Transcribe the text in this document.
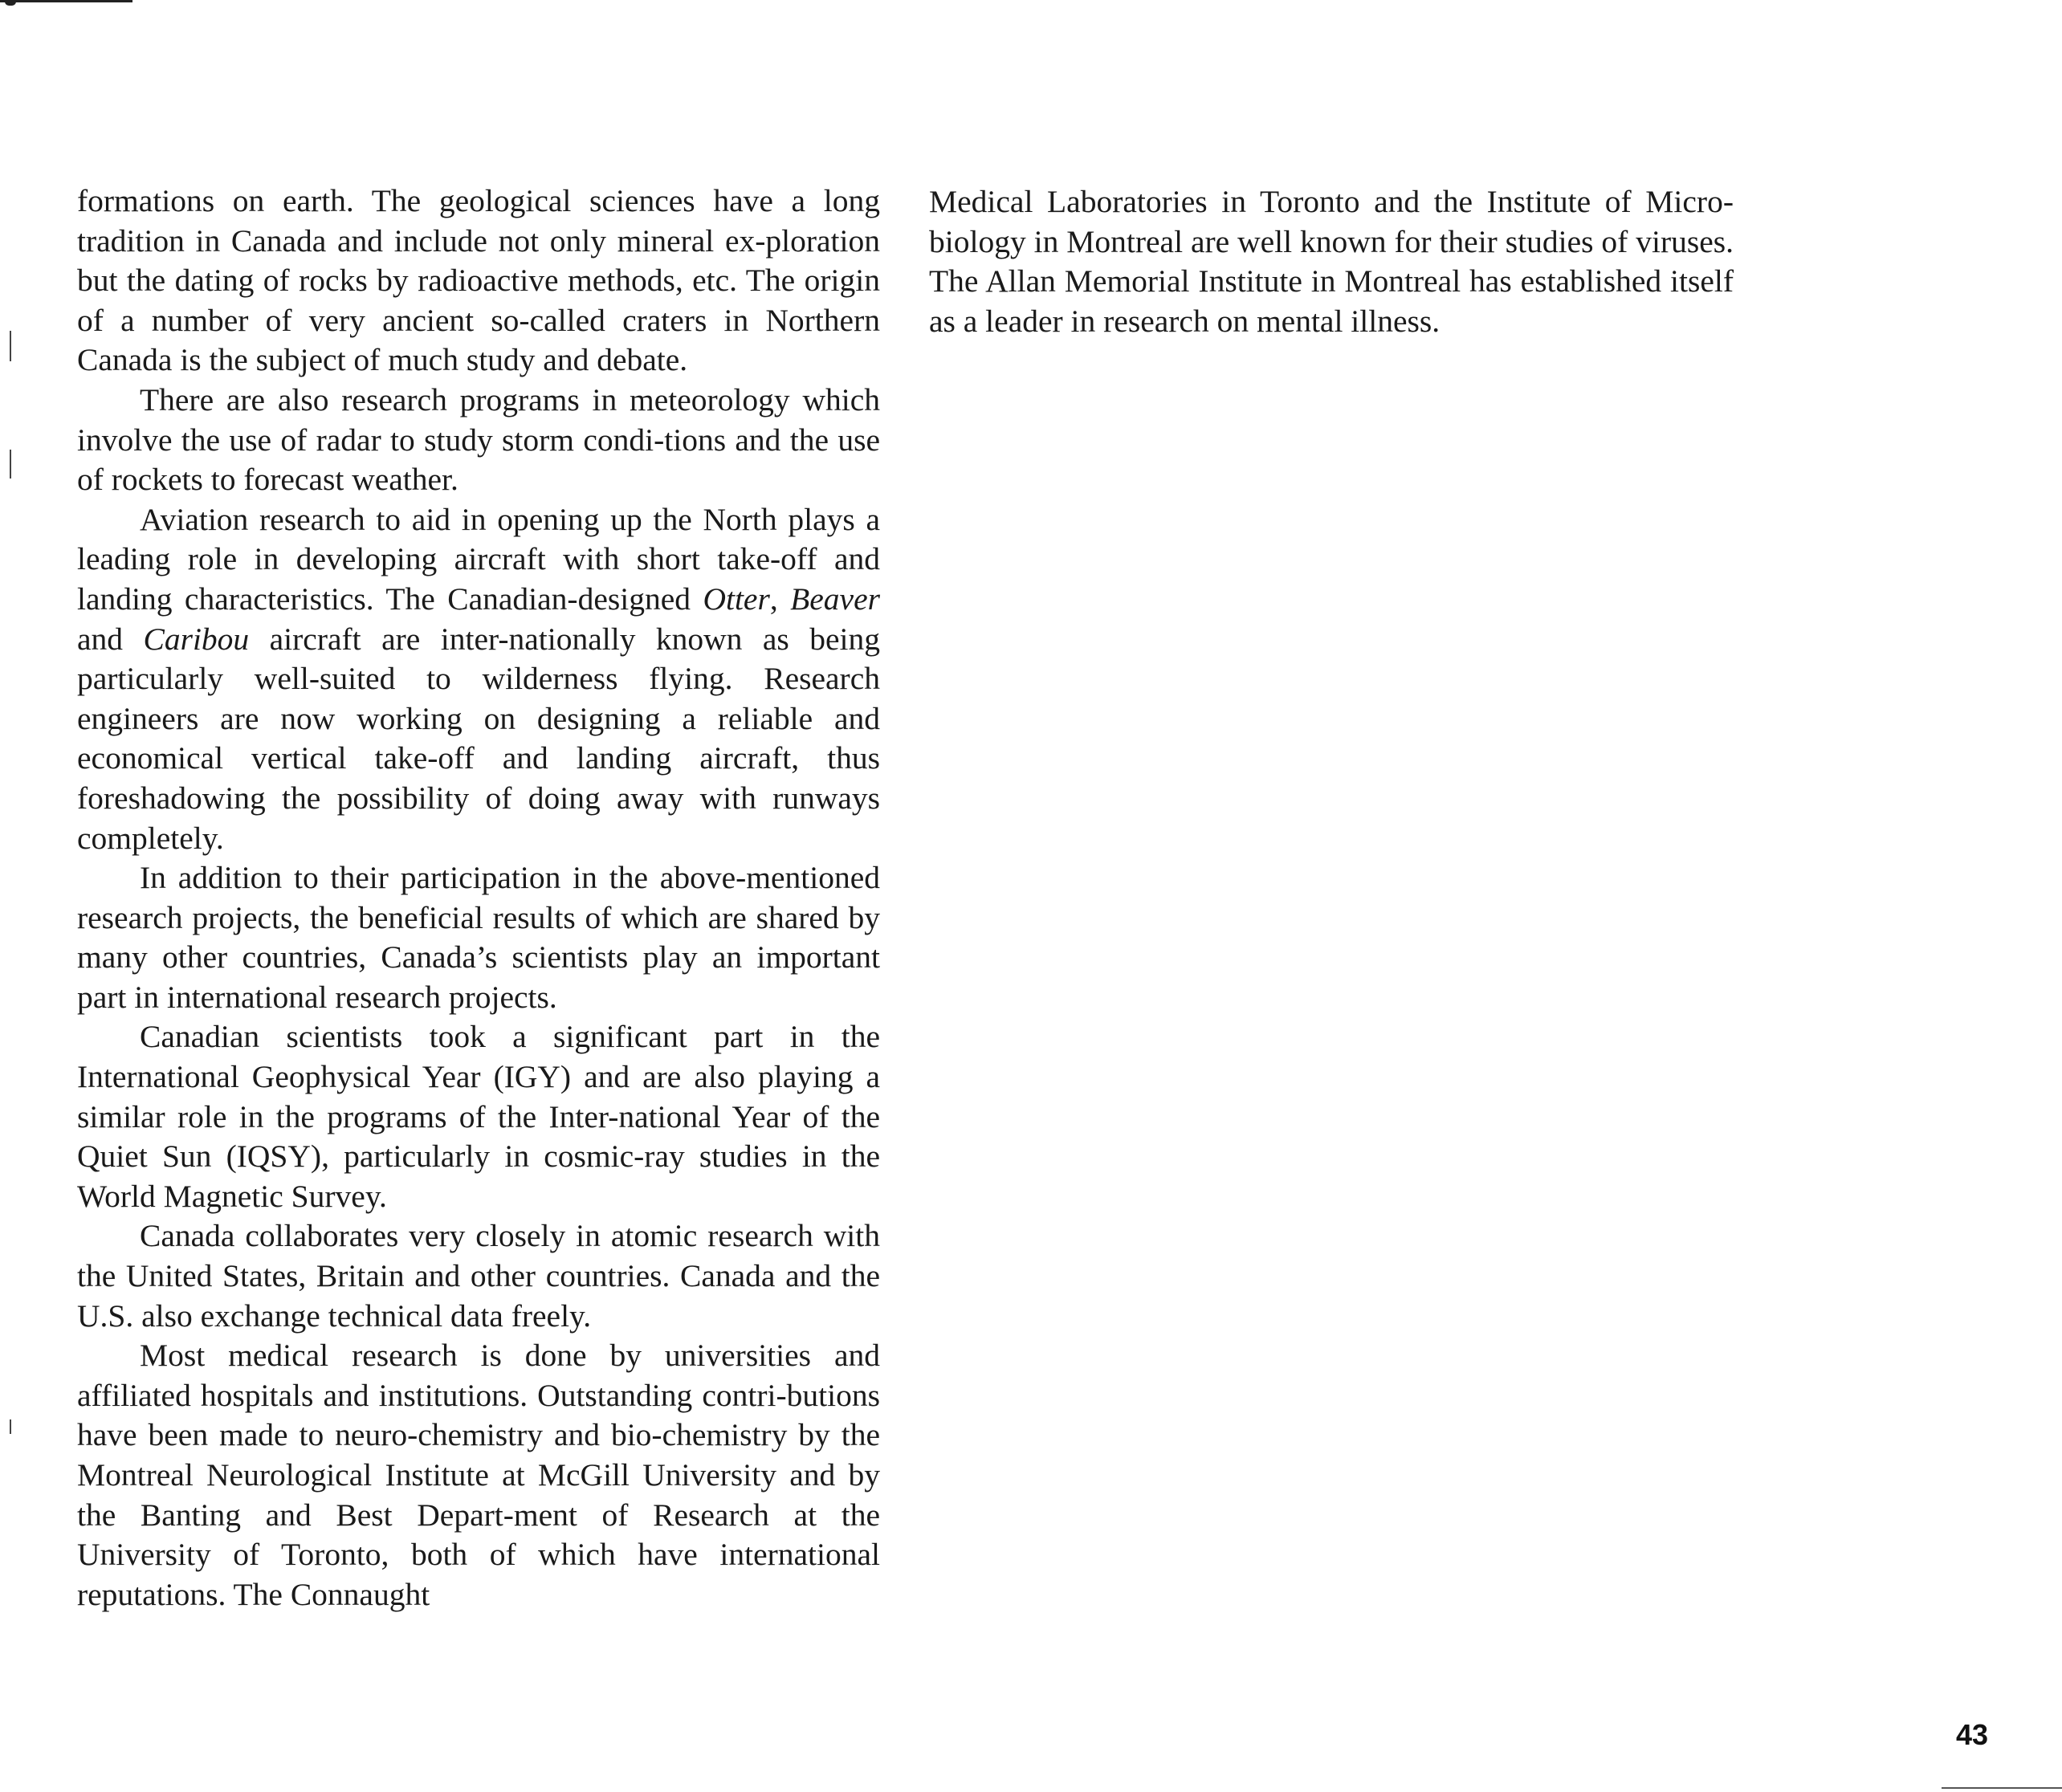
formations on earth. The geological sciences have a long tradition in Canada and include not only mineral ex-ploration but the dating of rocks by radioactive methods, etc. The origin of a number of very ancient so-called craters in Northern Canada is the subject of much study and debate.

There are also research programs in meteorology which involve the use of radar to study storm condi-tions and the use of rockets to forecast weather.

Aviation research to aid in opening up the North plays a leading role in developing aircraft with short take-off and landing characteristics. The Canadian-designed Otter, Beaver and Caribou aircraft are inter-nationally known as being particularly well-suited to wilderness flying. Research engineers are now working on designing a reliable and economical vertical take-off and landing aircraft, thus foreshadowing the possibility of doing away with runways completely.

In addition to their participation in the above-mentioned research projects, the beneficial results of which are shared by many other countries, Canada’s scientists play an important part in international research projects.

Canadian scientists took a significant part in the International Geophysical Year (IGY) and are also playing a similar role in the programs of the Inter-national Year of the Quiet Sun (IQSY), particularly in cosmic-ray studies in the World Magnetic Survey.

Canada collaborates very closely in atomic research with the United States, Britain and other countries. Canada and the U.S. also exchange technical data freely.

Most medical research is done by universities and affiliated hospitals and institutions. Outstanding contri-butions have been made to neuro-chemistry and bio-chemistry by the Montreal Neurological Institute at McGill University and by the Banting and Best Depart-ment of Research at the University of Toronto, both of which have international reputations. The Connaught

Medical Laboratories in Toronto and the Institute of Micro-biology in Montreal are well known for their studies of viruses. The Allan Memorial Institute in Montreal has established itself as a leader in research on mental illness.

43
